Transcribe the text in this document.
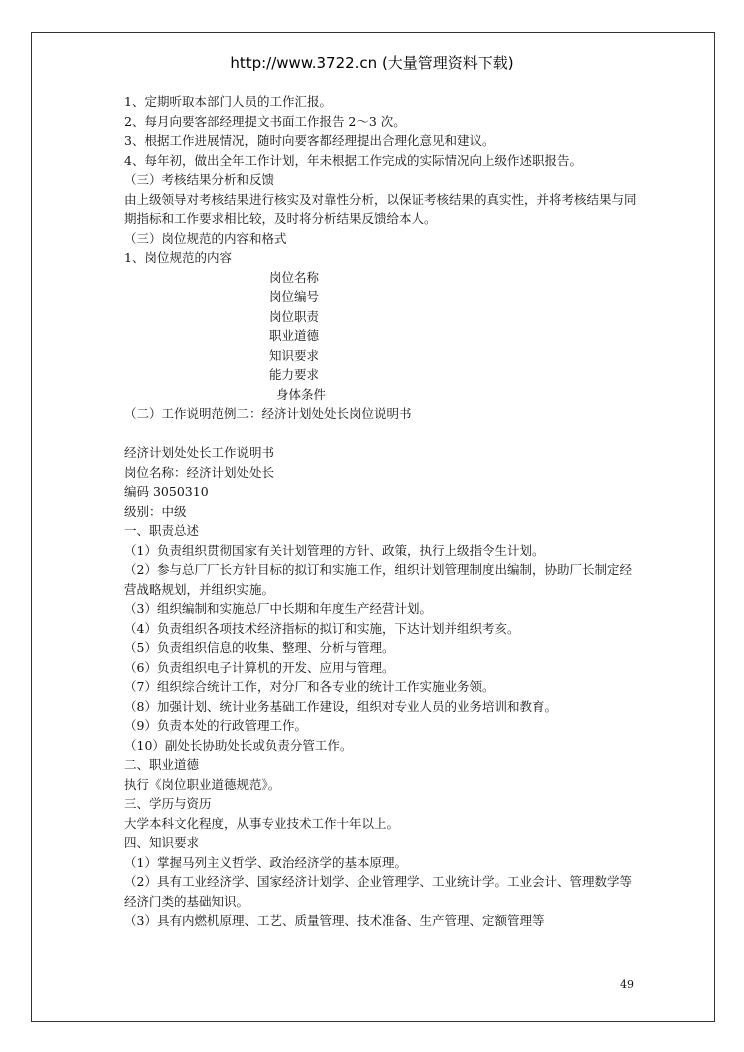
http://www.3722.cn (大量管理资料下载)
1、定期听取本部门人员的工作汇报。
2、每月向要客部经理提文书面工作报告 2～3 次。
3、根据工作进展情况，随时向要客都经理提出合理化意见和建议。
4、每年初，做出全年工作计划，年未根据工作完成的实际情况向上级作述职报告。
（三）考核结果分析和反馈
由上级领导对考核结果进行核实及对靠性分析，以保证考核结果的真实性，并将考核结果与同期指标和工作要求相比较，及时将分析结果反馈给本人。
（三）岗位规范的内容和格式
1、岗位规范的内容
岗位名称
岗位编号
岗位职责
职业道德
知识要求
能力要求
身体条件
（二）工作说明范例二：经济计划处处长岗位说明书
经济计划处处长工作说明书
岗位名称：经济计划处处长
编码 3050310
级别：中级
一、职责总述
（1）负责组织贯彻国家有关计划管理的方针、政策，执行上级指令生计划。
（2）参与总厂厂长方针目标的拟订和实施工作，组织计划管理制度出编制，协助厂长制定经营战略规划，并组织实施。
（3）组织编制和实施总厂中长期和年度生产经营计划。
（4）负责组织各项技术经济指标的拟订和实施，下达计划并组织考亥。
（5）负责组织信息的收集、整理、分析与管理。
（6）负责组织电子计算机的开发、应用与管理。
（7）组织综合统计工作，对分厂和各专业的统计工作实施业务领。
（8）加强计划、统计业务基础工作建设，组织对专业人员的业务培训和教育。
（9）负责本处的行政管理工作。
（10）副处长协助处长或负责分管工作。
二、职业道德
执行《岗位职业道德规范》。
三、学历与资历
大学本科文化程度，从事专业技术工作十年以上。
四、知识要求
（1）掌握马列主义哲学、政治经济学的基本原理。
（2）具有工业经济学、国家经济计划学、企业管理学、工业统计学。工业会计、管理数学等经济门类的基础知识。
（3）具有内燃机原理、工艺、质量管理、技术准备、生产管理、定额管理等
49
